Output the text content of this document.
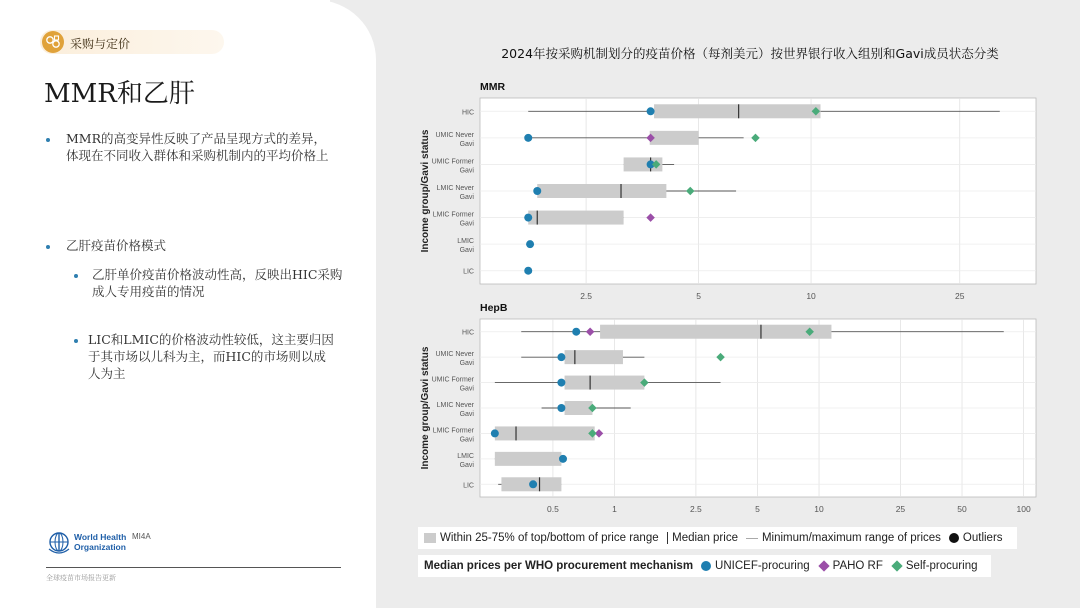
采购与定价
MMR和乙肝
MMR的高变异性反映了产品呈现方式的差异，
体现在不同收入群体和采购机制内的平均价格上
乙肝疫苗价格模式
乙肝单价疫苗价格波动性高，反映出HIC采购
成人专用疫苗的情况
LIC和LMIC的价格波动性较低，这主要归因
于其市场以儿科为主，而HIC的市场则以成
人为主
World Health
Organization
MI4A
全球疫苗市场报告更新
2024年按采购机制划分的疫苗价格（每剂美元）按世界银行收入组别和Gavi成员状态分类
MMR
2.5	5	10	25
HIC
UMIC Never
Gavi
UMIC Former
Gavi
LMIC Never
Gavi
LMIC Former
Gavi
LMIC
Gavi
LIC
Income group/Gavi status
HepB
0.5	1	2.5	5	10	25	50	100
HIC
UMIC Never
Gavi
UMIC Former
Gavi
LMIC Never
Gavi
LMIC Former
Gavi
LMIC
Gavi
LIC
Income group/Gavi status
Within 25-75% of top/bottom of price range Median price Minimum/maximum range of prices Outliers
Median prices per WHO procurement mechanism UNICEF-procuring PAHO RF Self-procuring
